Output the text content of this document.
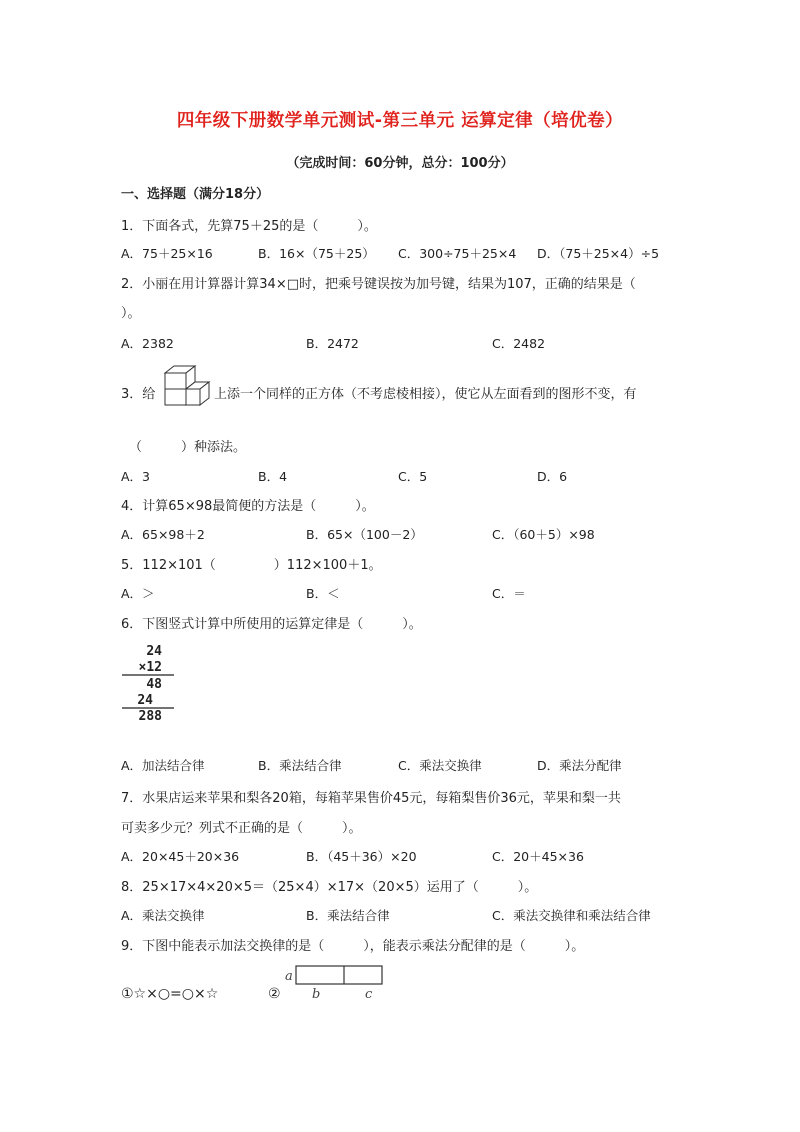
四年级下册数学单元测试-第三单元 运算定律（培优卷）
（完成时间：60分钟，总分：100分）
一、选择题（满分18分）
1．下面各式，先算75＋25的是（　　　）。
A．75＋25×16	B．16×（75＋25） C．300÷75＋25×4 D．（75＋25×4）÷5
2．小丽在用计算器计算34×□时，把乘号键误按为加号键，结果为107，正确的结果是（
）。
A．2382	B．2472	C．2482
3．给	上添一个同样的正方体（不考虑棱相接），使它从左面看到的图形不变，有
（　　　）种添法。
A．3	B．4	C．5	D．6
4．计算65×98最简便的方法是（　　　）。
A．65×98＋2	B．65×（100－2）	C．（60＋5）×98
5．112×101（	）112×100＋1。
A．＞	B．＜	C．＝
6．下图竖式计算中所使用的运算定律是（　　　）。
24
×12
48
24
288
A．加法结合律	B．乘法结合律	C．乘法交换律	D．乘法分配律
7．水果店运来苹果和梨各20箱，每箱苹果售价45元，每箱梨售价36元，苹果和梨一共
可卖多少元？列式不正确的是（　　　）。
A．20×45＋20×36	B．（45＋36）×20	C．20＋45×36
8．25×17×4×20×5＝（25×4）×17×（20×5）运用了（　　　）。
A．乘法交换律	B．乘法结合律	C．乘法交换律和乘法结合律
9．下图中能表示加法交换律的是（　　　），能表示乘法分配律的是（　　　）。
①☆×○=○×☆	②
a
b	c
